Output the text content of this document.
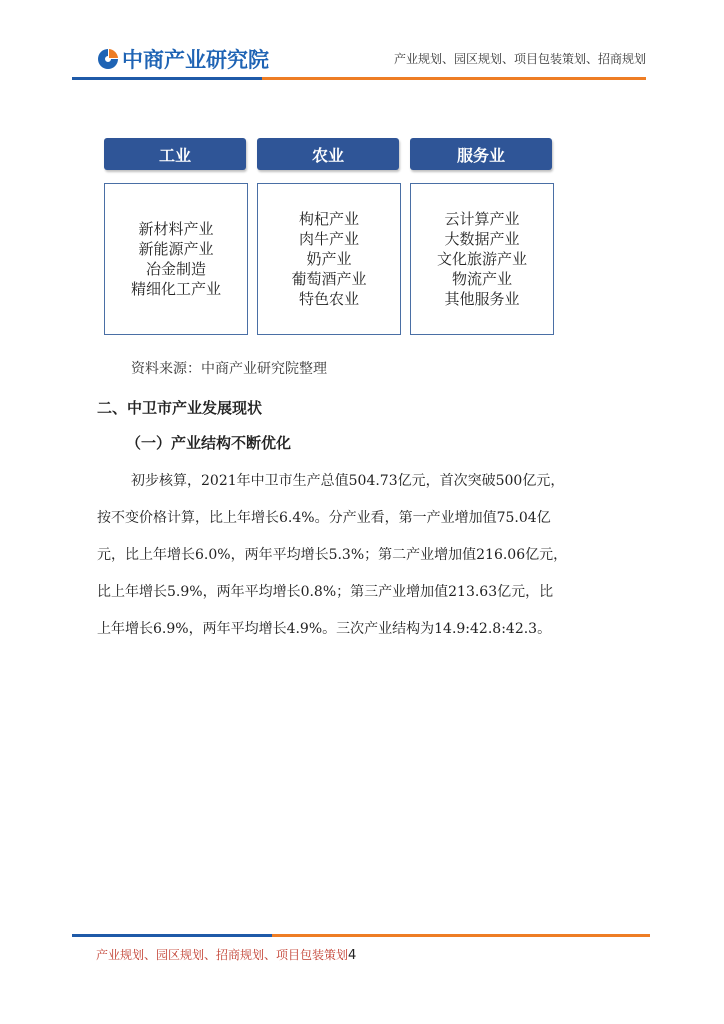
中商产业研究院	产业规划、园区规划、项目包装策划、招商规划
工业	农业	服务业
新材料产业
新能源产业
冶金制造
精细化工产业
枸杞产业
肉牛产业
奶产业
葡萄酒产业
特色农业
云计算产业
大数据产业
文化旅游产业
物流产业
其他服务业
资料来源：中商产业研究院整理
二、中卫市产业发展现状
（一）产业结构不断优化
初步核算，2021年中卫市生产总值504.73亿元，首次突破500亿元，
按不变价格计算，比上年增长6.4%。分产业看，第一产业增加值75.04亿
元，比上年增长6.0%，两年平均增长5.3%；第二产业增加值216.06亿元，
比上年增长5.9%，两年平均增长0.8%；第三产业增加值213.63亿元，比
上年增长6.9%，两年平均增长4.9%。三次产业结构为14.9:42.8:42.3。
产业规划、园区规划、招商规划、项目包装策划4
